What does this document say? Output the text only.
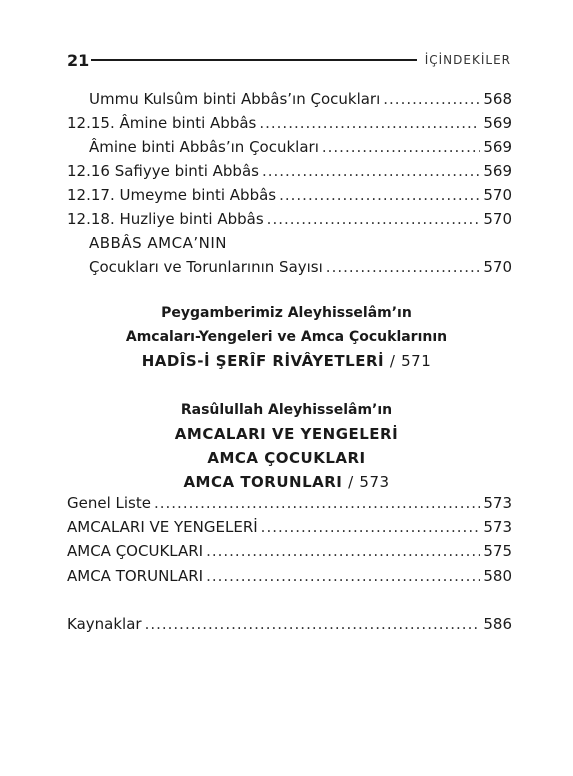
21	İÇİNDEKİLER
Ummu Kulsûm binti Abbâs’ın Çocukları .....	568
12.15. Âmine binti Abbâs .....	569
Âmine binti Abbâs’ın Çocukları .....	569
12.16 Safiyye binti Abbâs .....	569
12.17. Umeyme binti Abbâs .....	570
12.18. Huzliye binti Abbâs .....	570
ABBÂS AMCA’NIN
Çocukları ve Torunlarının Sayısı .....	570
Peygamberimiz Aleyhisselâm’ın
Amcaları-Yengeleri ve Amca Çocuklarının
HADÎS-İ ŞERÎF RİVÂYETLERİ / 571
Rasûlullah Aleyhisselâm’ın
AMCALARI VE YENGELERİ
AMCA ÇOCUKLARI
AMCA TORUNLARI / 573
Genel Liste .....	573
AMCALARI VE YENGELERİ .....	573
AMCA ÇOCUKLARI .....	575
AMCA TORUNLARI .....	580
Kaynaklar .....	586
